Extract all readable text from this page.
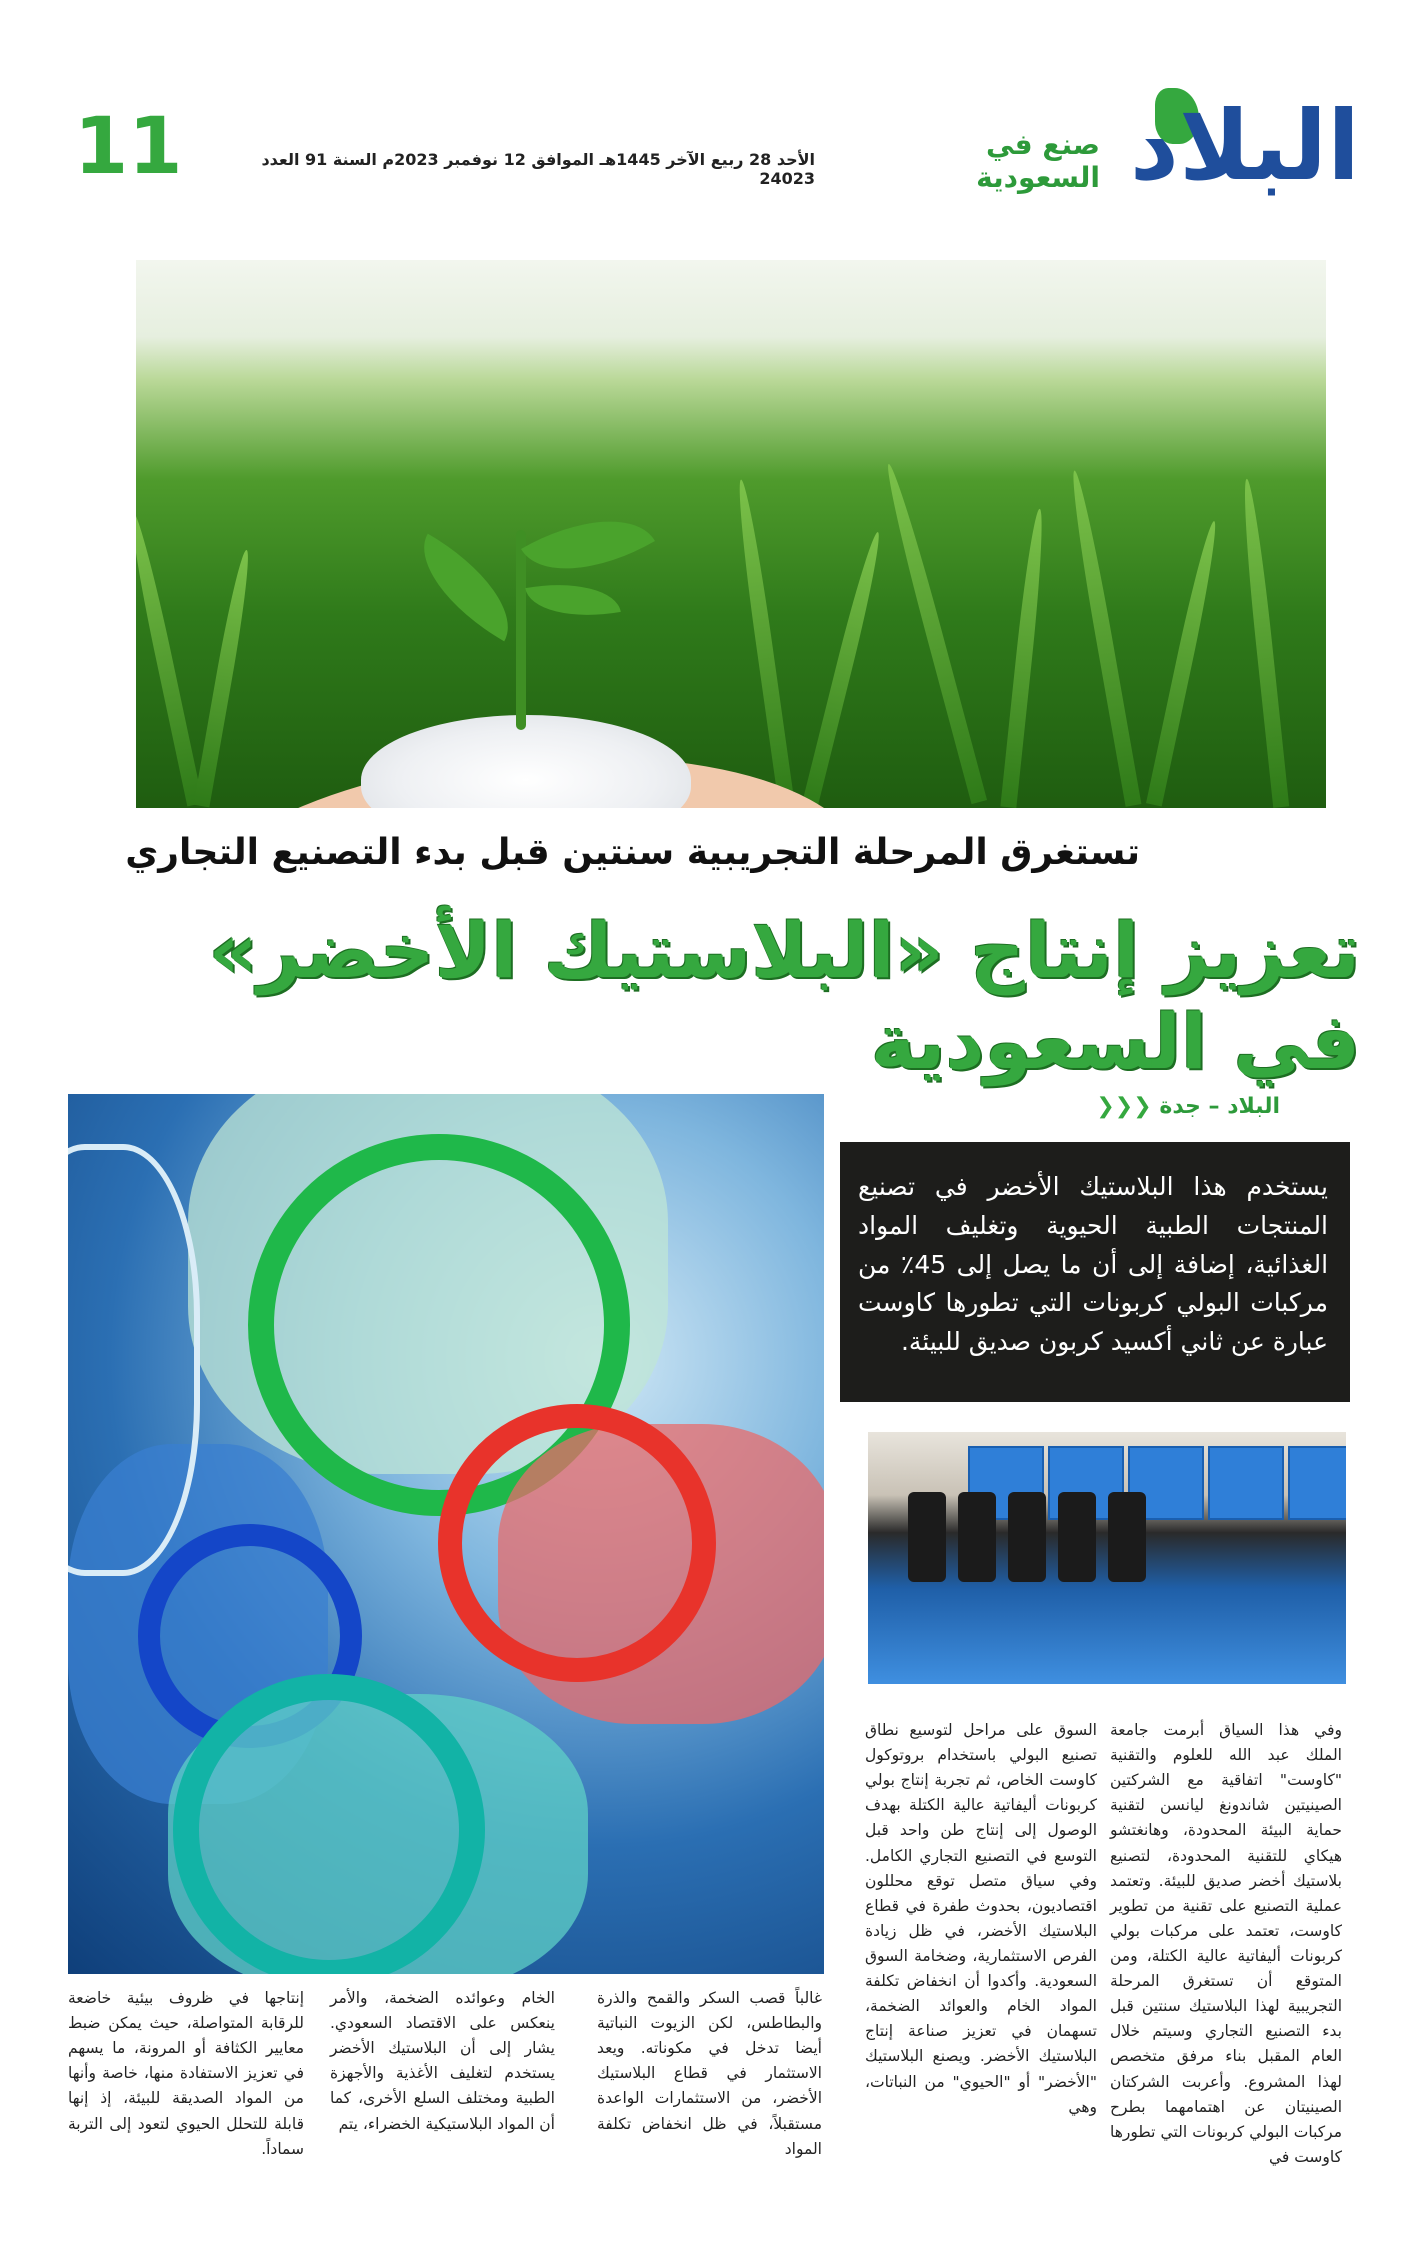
البلاد
صنع في السعودية
الأحد 28 ربيع الآخر 1445هـ الموافق 12 نوفمبر 2023م السنة 91 العدد 24023
11
تستغرق المرحلة التجريبية سنتين قبل بدء التصنيع التجاري
تعزيز إنتاج «البلاستيك الأخضر» في السعودية
البلاد – جدة ❮❮❮
يستخدم هذا البلاستيك الأخضر في تصنيع المنتجات الطبية الحيوية وتغليف المواد الغذائية، إضافة إلى أن ما يصل إلى 45٪ من مركبات البولي كربونات التي تطورها كاوست عبارة عن ثاني أكسيد كربون صديق للبيئة.
وفي هذا السياق أبرمت جامعة الملك عبد الله للعلوم والتقنية "كاوست" اتفاقية مع الشركتين الصينيتين شاندونغ ليانسن لتقنية حماية البيئة المحدودة، وهانغتشو هيكاي للتقنية المحدودة، لتصنيع بلاستيك أخضر صديق للبيئة. وتعتمد عملية التصنيع على تقنية من تطوير كاوست، تعتمد على مركبات بولي كربونات أليفاتية عالية الكتلة، ومن المتوقع أن تستغرق المرحلة التجريبية لهذا البلاستيك سنتين قبل بدء التصنيع التجاري وسيتم خلال العام المقبل بناء مرفق متخصص لهذا المشروع. وأعربت الشركتان الصينيتان عن اهتمامهما بطرح مركبات البولي كربونات التي تطورها كاوست في
السوق على مراحل لتوسيع نطاق تصنيع البولي باستخدام بروتوكول كاوست الخاص، ثم تجربة إنتاج بولي كربونات أليفاتية عالية الكتلة بهدف الوصول إلى إنتاج طن واحد قبل التوسع في التصنيع التجاري الكامل. وفي سياق متصل توقع محللون اقتصاديون، بحدوث طفرة في قطاع البلاستيك الأخضر، في ظل زيادة الفرص الاستثمارية، وضخامة السوق السعودية. وأكدوا أن انخفاض تكلفة المواد الخام والعوائد الضخمة، تسهمان في تعزيز صناعة إنتاج البلاستيك الأخضر. ويصنع البلاستيك "الأخضر" أو "الحيوي" من النباتات، وهي
غالباً قصب السكر والقمح والذرة والبطاطس، لكن الزيوت النباتية أيضا تدخل في مكوناته. ويعد الاستثمار في قطاع البلاستيك الأخضر، من الاستثمارات الواعدة مستقبلاً، في ظل انخفاض تكلفة المواد
الخام وعوائده الضخمة، والأمر ينعكس على الاقتصاد السعودي. يشار إلى أن البلاستيك الأخضر يستخدم لتغليف الأغذية والأجهزة الطبية ومختلف السلع الأخرى، كما أن المواد البلاستيكية الخضراء، يتم
إنتاجها في ظروف بيئية خاضعة للرقابة المتواصلة، حيث يمكن ضبط معايير الكثافة أو المرونة، ما يسهم في تعزيز الاستفادة منها، خاصة وأنها من المواد الصديقة للبيئة، إذ إنها قابلة للتحلل الحيوي لتعود إلى التربة سماداً.
